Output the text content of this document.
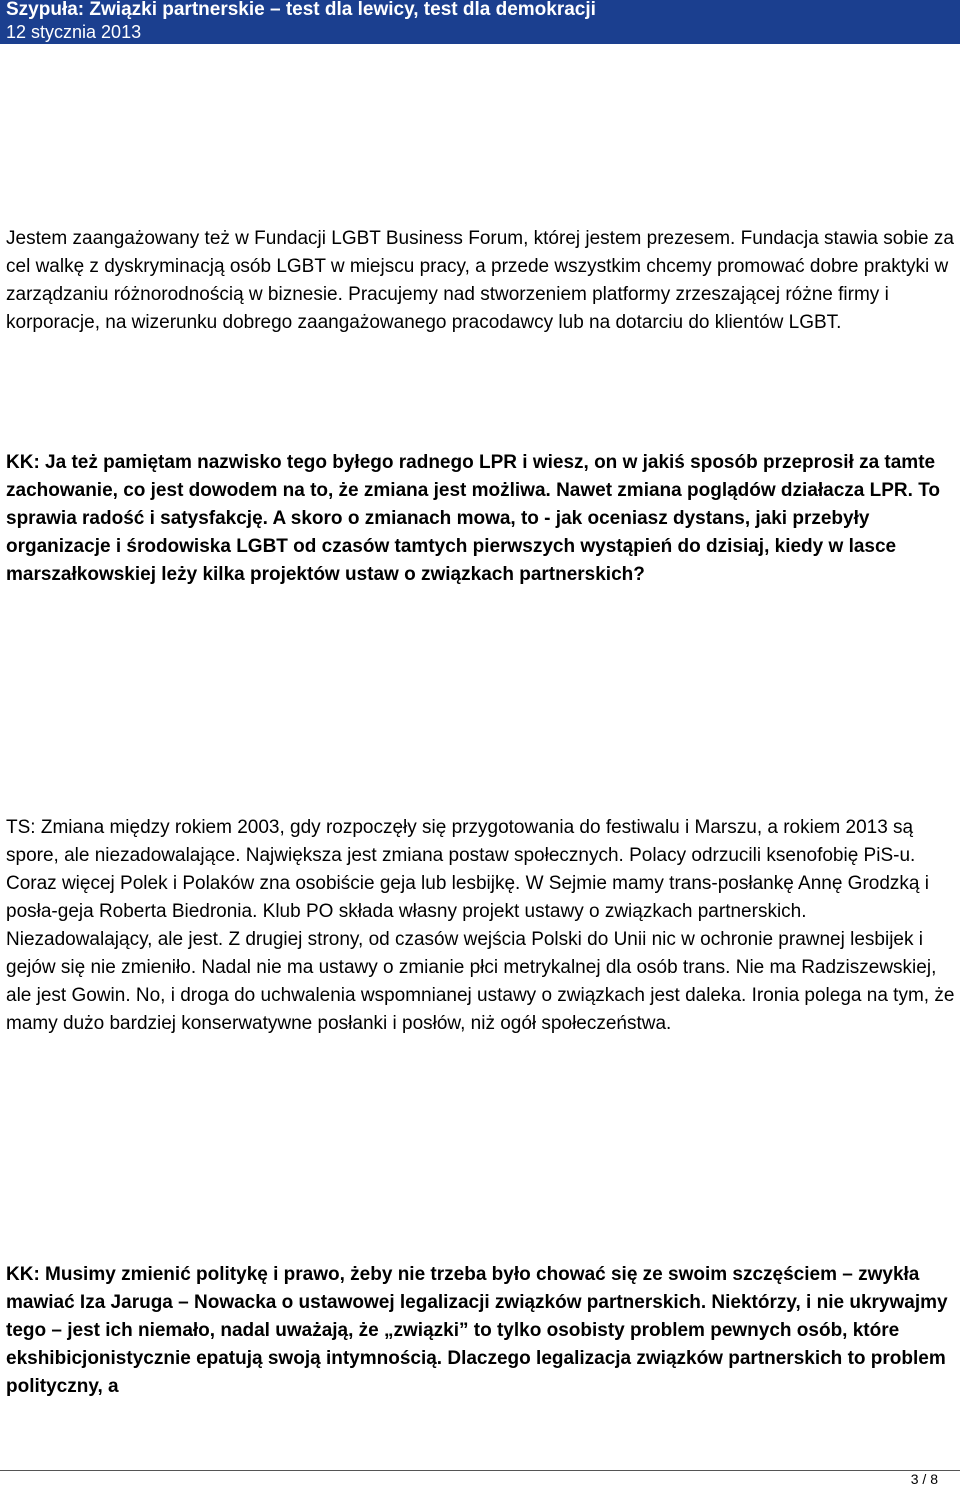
Szypuła: Związki partnerskie – test dla lewicy, test dla demokracji
12 stycznia 2013

Jestem zaangażowany też w Fundacji LGBT Business Forum, której jestem prezesem. Fundacja stawia sobie za cel walkę z dyskryminacją osób LGBT w miejscu pracy, a przede wszystkim chcemy promować dobre praktyki w zarządzaniu różnorodnością w biznesie. Pracujemy nad stworzeniem platformy zrzeszającej różne firmy i korporacje, na wizerunku dobrego zaangażowanego pracodawcy lub na dotarciu do klientów LGBT.

KK: Ja też pamiętam nazwisko tego byłego radnego LPR i wiesz, on w jakiś sposób przeprosił za tamte zachowanie, co jest dowodem na to, że zmiana jest możliwa. Nawet zmiana poglądów działacza LPR. To sprawia radość i satysfakcję. A skoro o zmianach mowa, to - jak oceniasz dystans, jaki przebyły organizacje i środowiska LGBT od czasów tamtych pierwszych wystąpień do dzisiaj, kiedy w lasce marszałkowskiej leży kilka projektów ustaw o związkach partnerskich?

TS: Zmiana między rokiem 2003, gdy rozpoczęły się przygotowania do festiwalu i Marszu, a rokiem 2013 są spore, ale niezadowalające. Największa jest zmiana postaw społecznych. Polacy odrzucili ksenofobię PiS-u. Coraz więcej Polek i Polaków zna osobiście geja lub lesbijkę. W Sejmie mamy trans-posłankę Annę Grodzką i posła-geja Roberta Biedronia. Klub PO składa własny projekt ustawy o związkach partnerskich. Niezadowalający, ale jest. Z drugiej strony, od czasów wejścia Polski do Unii nic w ochronie prawnej lesbijek i gejów się nie zmieniło. Nadal nie ma ustawy o zmianie płci metrykalnej dla osób trans. Nie ma Radziszewskiej, ale jest Gowin. No, i droga do uchwalenia wspomnianej ustawy o związkach jest daleka. Ironia polega na tym, że mamy dużo bardziej konserwatywne posłanki i posłów, niż ogół społeczeństwa.

KK: Musimy zmienić politykę i prawo, żeby nie trzeba było chować się ze swoim szczęściem – zwykła mawiać Iza Jaruga – Nowacka o ustawowej legalizacji związków partnerskich. Niektórzy, i nie ukrywajmy tego – jest ich niemało, nadal uważają, że „związki” to tylko osobisty problem pewnych osób, które ekshibicjonistycznie epatują swoją intymnością. Dlaczego legalizacja związków partnerskich to problem polityczny, a

3 / 8
